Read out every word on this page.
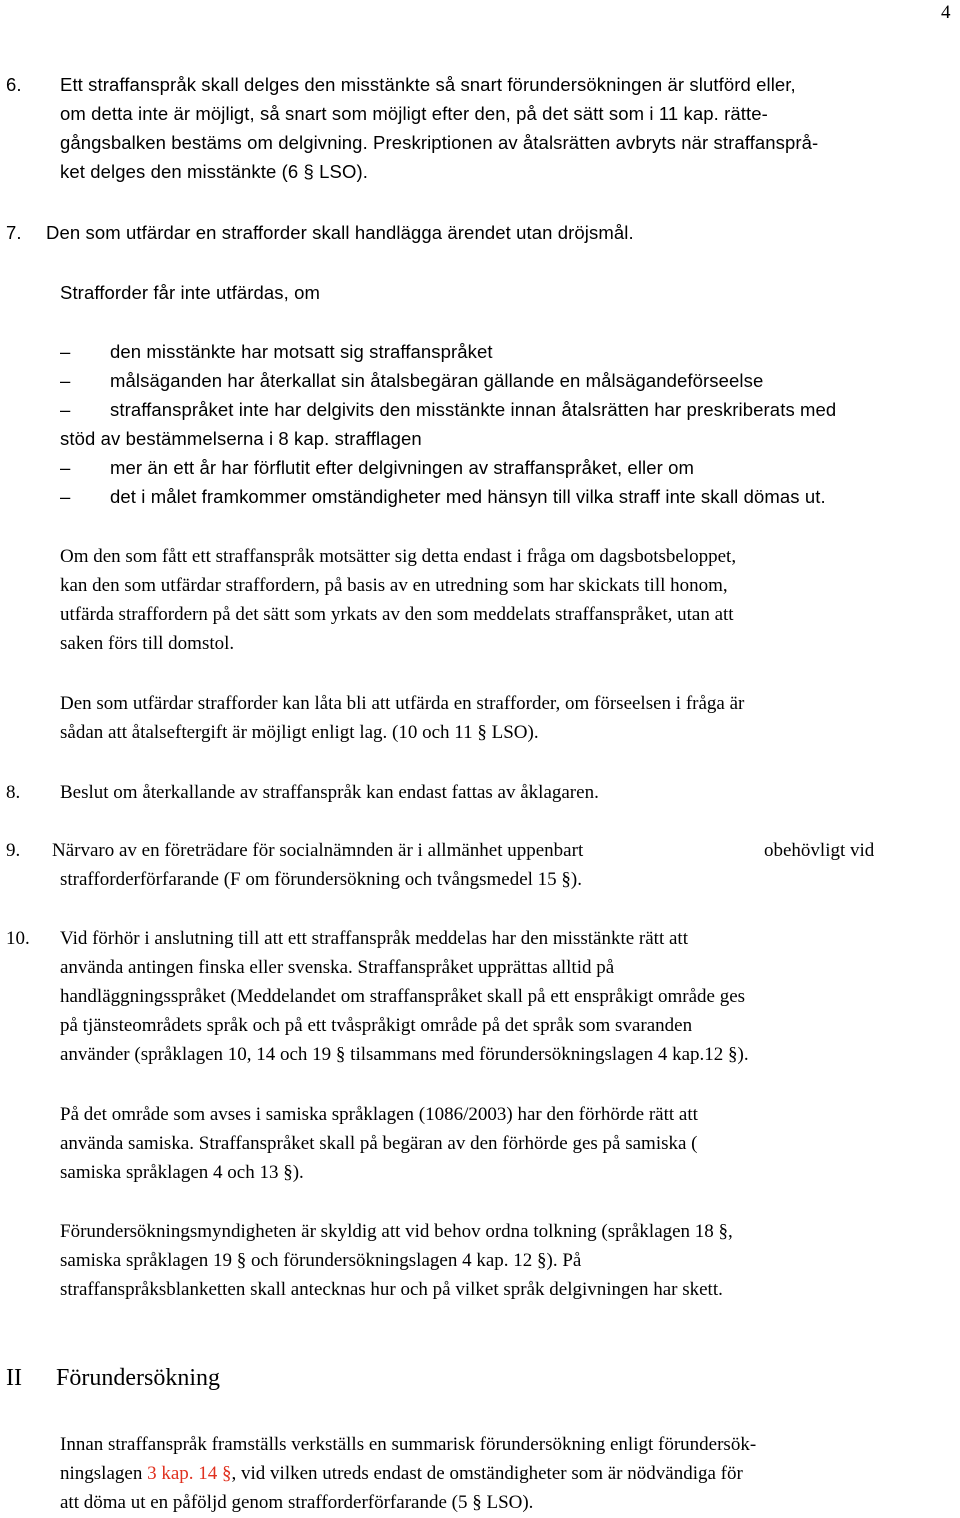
4
6. Ett straffanspråk skall delges den misstänkte så snart förundersökningen är slutförd eller,
om detta inte är möjligt, så snart som möjligt efter den, på det sätt som i 11 kap. rätte-
gångsbalken bestäms om delgivning. Preskriptionen av åtalsrätten avbryts när straffansprå-
ket delges den misstänkte (6 § LSO).
7. Den som utfärdar en strafforder skall handlägga ärendet utan dröjsmål.
Strafforder får inte utfärdas, om
– den misstänkte har motsatt sig straffanspråket
– målsäganden har återkallat sin åtalsbegäran gällande en målsägandeförseelse
– straffanspråket inte har delgivits den misstänkte innan åtalsrätten har preskriberats med
stöd av bestämmelserna i 8 kap. strafflagen
– mer än ett år har förflutit efter delgivningen av straffanspråket, eller om
– det i målet framkommer omständigheter med hänsyn till vilka straff inte skall dömas ut.
Om den som fått ett straffanspråk motsätter sig detta endast i fråga om dagsbotsbeloppet,
kan den som utfärdar straffordern, på basis av en utredning som har skickats till honom,
utfärda straffordern på det sätt som yrkats av den som meddelats straffanspråket, utan att
saken förs till domstol.
Den som utfärdar strafforder kan låta bli att utfärda en strafforder, om förseelsen i fråga är
sådan att åtalseftergift är möjligt enligt lag. (10 och 11 § LSO).
8. Beslut om återkallande av straffanspråk kan endast fattas av åklagaren.
9. Närvaro av en företrädare för socialnämnden är i allmänhet uppenbart	obehövligt vid
strafforderförfarande (F om förundersökning och tvångsmedel 15 §).
10. Vid förhör i anslutning till att ett straffanspråk meddelas har den misstänkte rätt att
använda antingen finska eller svenska. Straffanspråket upprättas alltid på
handläggningsspråket (Meddelandet om straffanspråket skall på ett enspråkigt område ges
på tjänsteområdets språk och på ett tvåspråkigt område på det språk som svaranden
använder (språklagen 10, 14 och 19 § tilsammans med förundersökningslagen 4 kap.12 §).
På det område som avses i samiska språklagen (1086/2003) har den förhörde rätt att
använda samiska. Straffanspråket skall på begäran av den förhörde ges på samiska (
samiska språklagen 4 och 13 §).
Förundersökningsmyndigheten är skyldig att vid behov ordna tolkning (språklagen 18 §,
samiska språklagen 19 § och förundersökningslagen 4 kap. 12 §). På
straffanspråksblanketten skall antecknas hur och på vilket språk delgivningen har skett.
II Förundersökning
Innan straffanspråk framställs verkställs en summarisk förundersökning enligt förundersök-
ningslagen 3 kap. 14 §, vid vilken utreds endast de omständigheter som är nödvändiga för
att döma ut en påföljd genom strafforderförfarande (5 § LSO).
